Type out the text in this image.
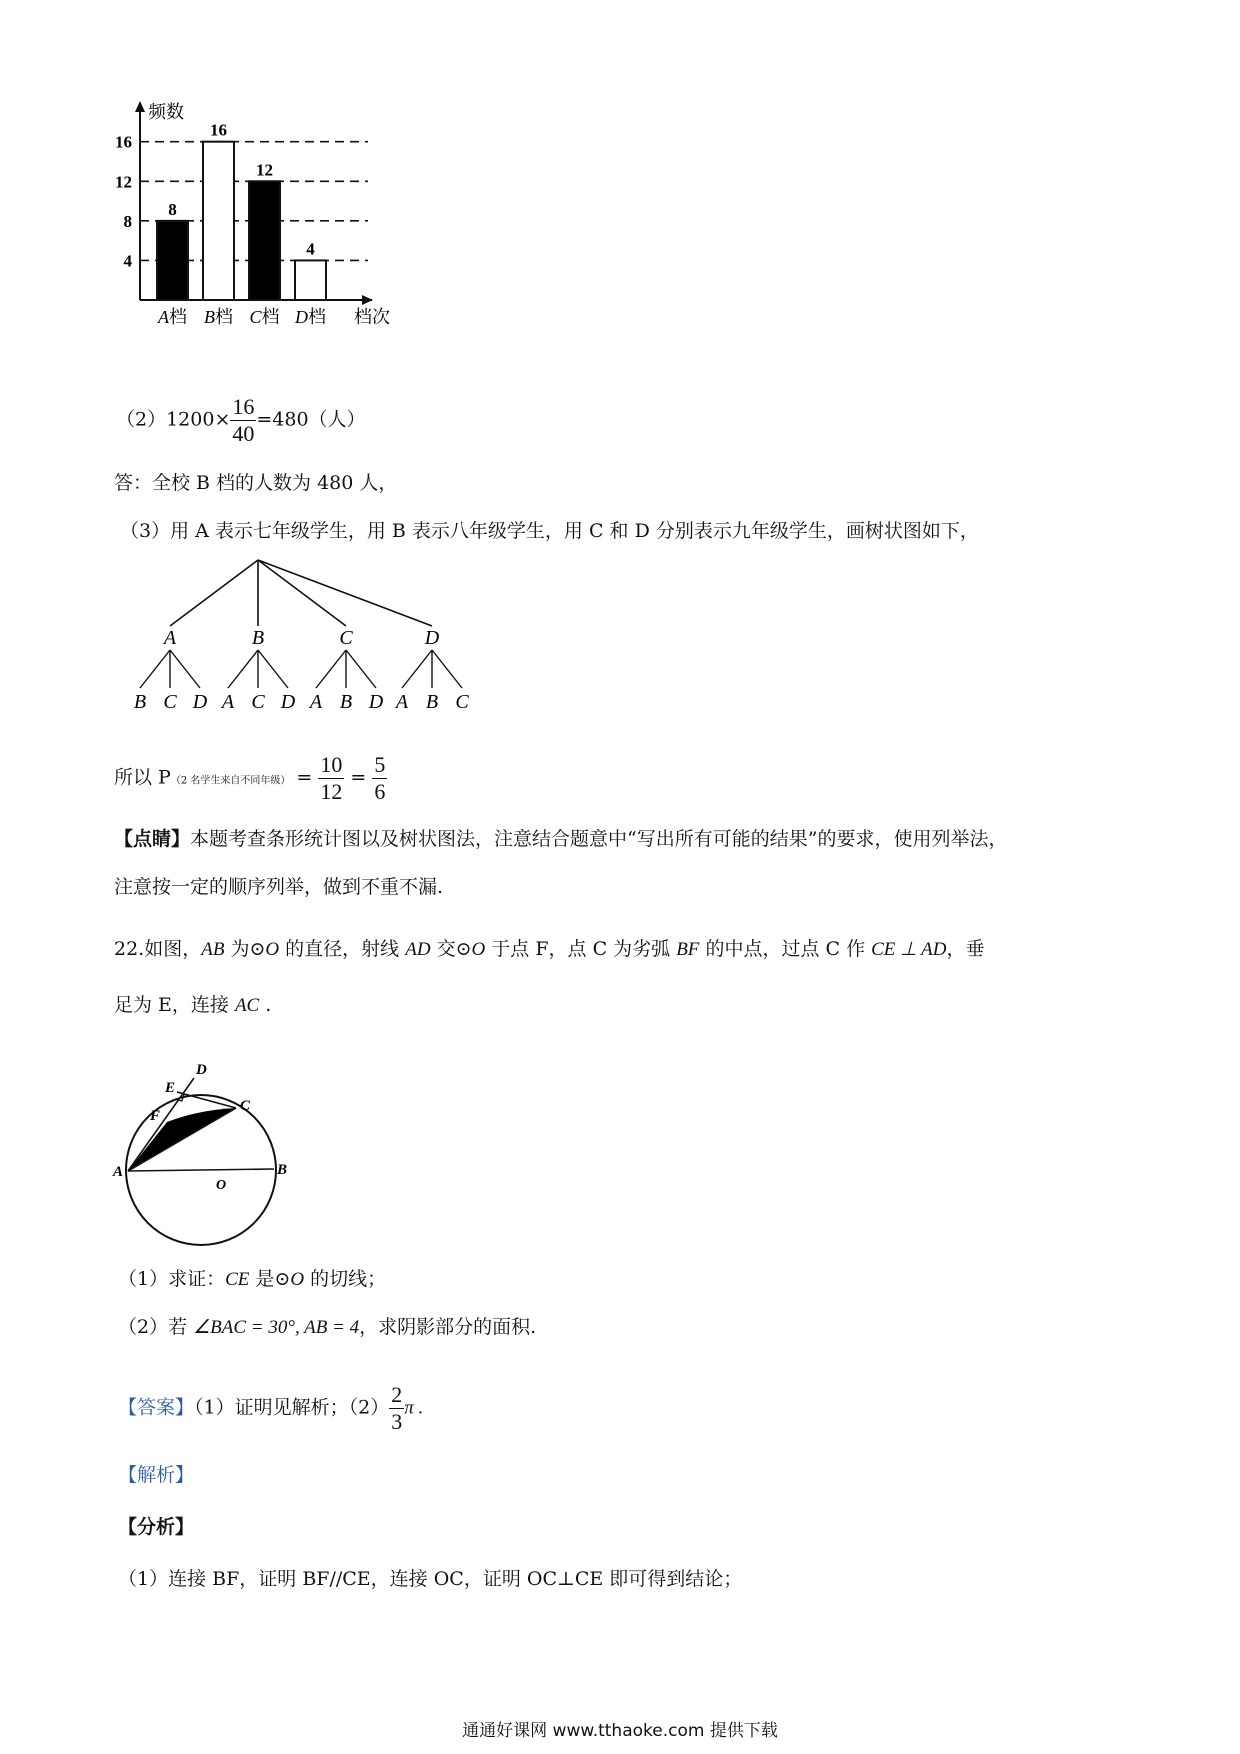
4
8
12
16
8
A档
16
B档
12
C档
4
D档
频数
档次
$(2)1200\times \frac{16}{40} =480$（人）
答：全校 B 档的人数为 480 人，
（3）用 A 表示七年级学生，用 B 表示八年级学生，用 C 和 D 分别表示九年级学生，画树状图如下，
A
B C D
B
A C D
C
A B D
D
A B C
所以 P（2 名学生来自不同年级） = $\frac{10}{12} = \frac{5}{6}$
【点睛】本题考查条形统计图以及树状图法，注意结合题意中“写出所有可能的结果”的要求，使用列举法，
注意按一定的顺序列举，做到不重不漏.
22.如图，AB 为⊙O 的直径，射线 AD 交⊙O 于点 F，点 C 为劣弧 BF 的中点，过点 C 作 CE ⊥ AD，垂
足为 E，连接 AC .
D
E
F
C
A
O
B
（1）求证：CE 是⊙O 的切线；
（2）若 ∠BAC = 30°, AB = 4，求阴影部分的面积.
【答案】（1）证明见解析；$(2) \frac{2}{3}$ π .
【解析】
【分析】
（1）连接 BF，证明 BF//CE，连接 OC，证明 OC⊥CE 即可得到结论；
通通好课网 www.tthaoke.com 提供下载
